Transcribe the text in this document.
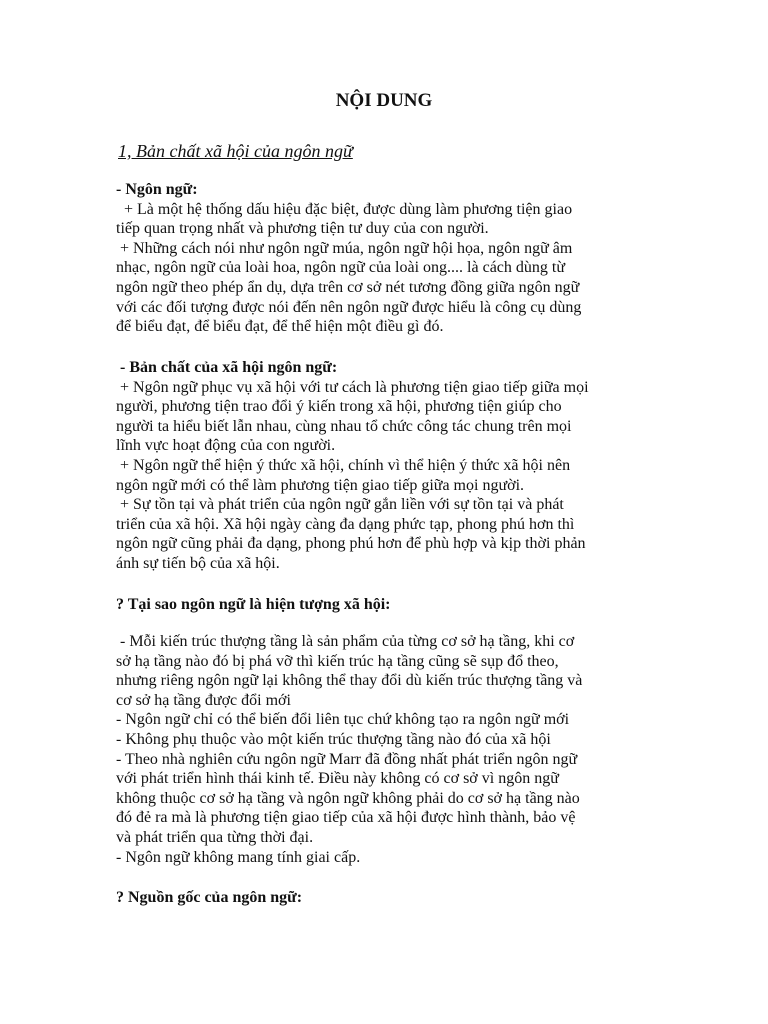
NỘI DUNG
1, Bản chất xã hội của ngôn ngữ

- Ngôn ngữ:

+ Là một hệ thống dấu hiệu đặc biệt, được dùng làm phương tiện giao

tiếp quan trọng nhất và phương tiện tư duy của con người.

+ Những cách nói như ngôn ngữ múa, ngôn ngữ hội họa, ngôn ngữ âm

nhạc, ngôn ngữ của loài hoa, ngôn ngữ của loài ong.... là cách dùng từ

ngôn ngữ theo phép ẩn dụ, dựa trên cơ sở nét tương đồng giữa ngôn ngữ

với các đối tượng được nói đến nên ngôn ngữ được hiểu là công cụ dùng

để biểu đạt, để biểu đạt, để thể hiện một điều gì đó.

- Bản chất của xã hội ngôn ngữ:

+ Ngôn ngữ phục vụ xã hội với tư cách là phương tiện giao tiếp giữa mọi

người, phương tiện trao đổi ý kiến trong xã hội, phương tiện giúp cho

người ta hiểu biết lẫn nhau, cùng nhau tổ chức công tác chung trên mọi

lĩnh vực hoạt động của con người.

+ Ngôn ngữ thể hiện ý thức xã hội, chính vì thể hiện ý thức xã hội nên

ngôn ngữ mới có thể làm phương tiện giao tiếp giữa mọi người.

+ Sự tồn tại và phát triển của ngôn ngữ gắn liền với sự tồn tại và phát

triển của xã hội. Xã hội ngày càng đa dạng phức tạp, phong phú hơn thì

ngôn ngữ cũng phải đa dạng, phong phú hơn để phù hợp và kịp thời phản

ánh sự tiến bộ của xã hội.

? Tại sao ngôn ngữ là hiện tượng xã hội:

- Mỗi kiến trúc thượng tầng là sản phẩm của từng cơ sở hạ tầng, khi cơ

sở hạ tầng nào đó bị phá vỡ thì kiến trúc hạ tầng cũng sẽ sụp đổ theo,

nhưng riêng ngôn ngữ lại không thể thay đổi dù kiến trúc thượng tầng và

cơ sở hạ tầng được đổi mới

- Ngôn ngữ chỉ có thể biến đổi liên tục chứ không tạo ra ngôn ngữ mới

- Không phụ thuộc vào một kiến trúc thượng tầng nào đó của xã hội

- Theo nhà nghiên cứu ngôn ngữ Marr đã đồng nhất phát triển ngôn ngữ

với phát triển hình thái kinh tế. Điều này không có cơ sở vì ngôn ngữ

không thuộc cơ sở hạ tầng và ngôn ngữ không phải do cơ sở hạ tầng nào

đó đẻ ra mà là phương tiện giao tiếp của xã hội được hình thành, bảo vệ

và phát triển qua từng thời đại.

- Ngôn ngữ không mang tính giai cấp.

? Nguồn gốc của ngôn ngữ:
